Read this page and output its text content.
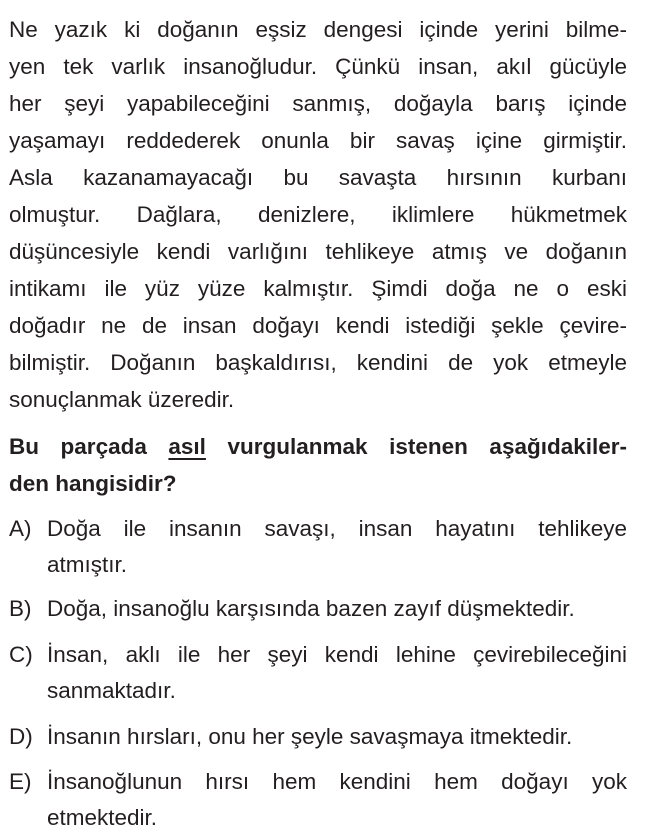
Ne yazık ki doğanın eşsiz dengesi içinde yerini bilme-
yen tek varlık insanoğludur. Çünkü insan, akıl gücüyle
her şeyi yapabileceğini sanmış, doğayla barış içinde
yaşamayı reddederek onunla bir savaş içine girmiştir.
Asla kazanamayacağı bu savaşta hırsının kurbanı
olmuştur. Dağlara, denizlere, iklimlere hükmetmek
düşüncesiyle kendi varlığını tehlikeye atmış ve doğanın
intikamı ile yüz yüze kalmıştır. Şimdi doğa ne o eski
doğadır ne de insan doğayı kendi istediği şekle çevire-
bilmiştir. Doğanın başkaldırısı, kendini de yok etmeyle
sonuçlanmak üzeredir.
Bu parçada asıl vurgulanmak istenen aşağıdakiler-
den hangisidir?
A) Doğa ile insanın savaşı, insan hayatını tehlikeye
atmıştır.
B) Doğa, insanoğlu karşısında bazen zayıf düşmektedir.
C) İnsan, aklı ile her şeyi kendi lehine çevirebileceğini
sanmaktadır.
D) İnsanın hırsları, onu her şeyle savaşmaya itmektedir.
E) İnsanoğlunun hırsı hem kendini hem doğayı yok
etmektedir.
